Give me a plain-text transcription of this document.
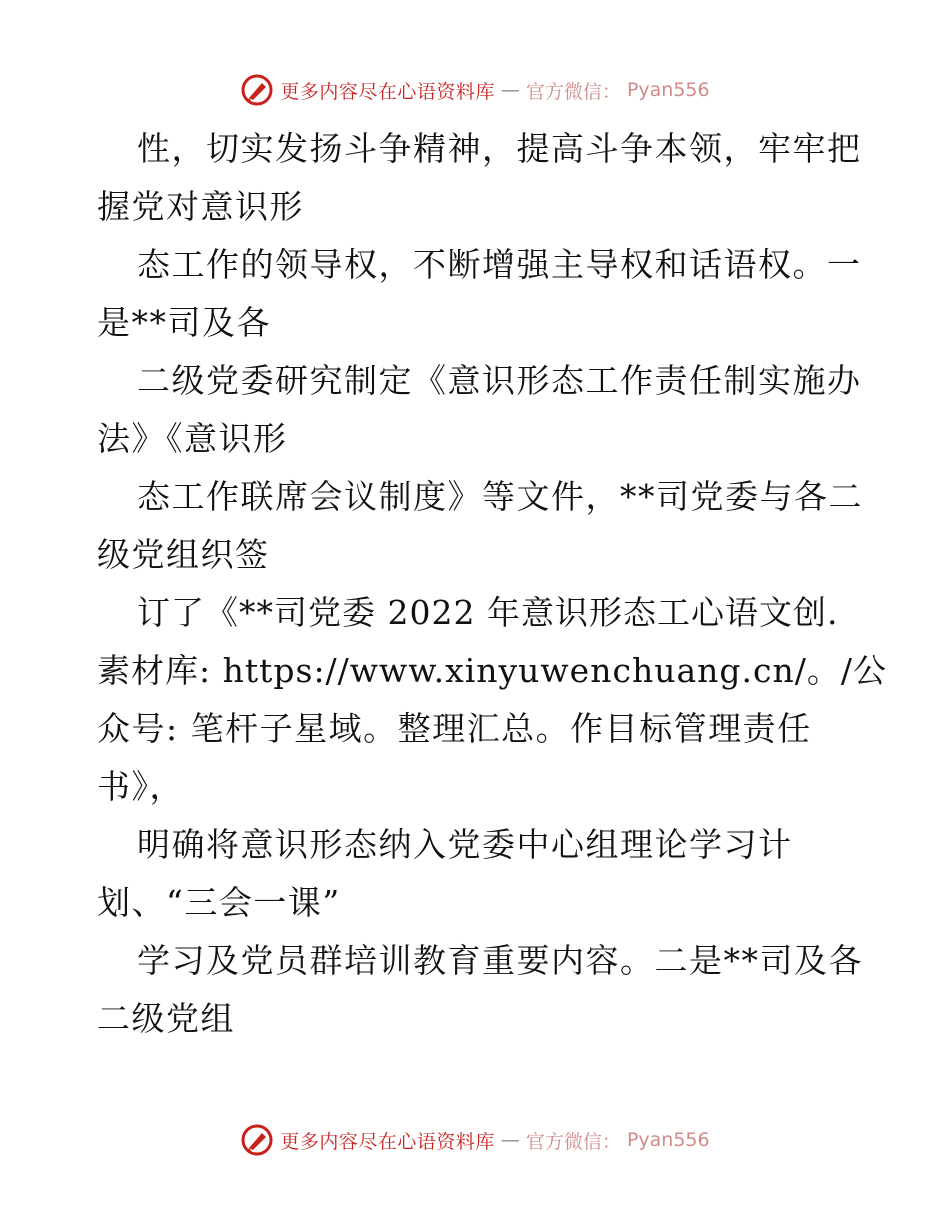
更多内容尽在心语资料库 — 官方微信： Pyan556
性，切实发扬斗争精神，提高斗争本领，牢牢把
握党对意识形
态工作的领导权，不断增强主导权和话语权。一
是**司及各
二级党委研究制定《意识形态工作责任制实施办
法》《意识形
态工作联席会议制度》等文件，**司党委与各二
级党组织签
订了《**司党委 2022 年意识形态工心语文创.
素材库: https://www.xinyuwenchuang.cn/。/公
众号: 笔杆子星域。整理汇总。作目标管理责任
书》，
明确将意识形态纳入党委中心组理论学习计
划、“三会一课”
学习及党员群培训教育重要内容。二是**司及各
二级党组
更多内容尽在心语资料库 — 官方微信： Pyan556
